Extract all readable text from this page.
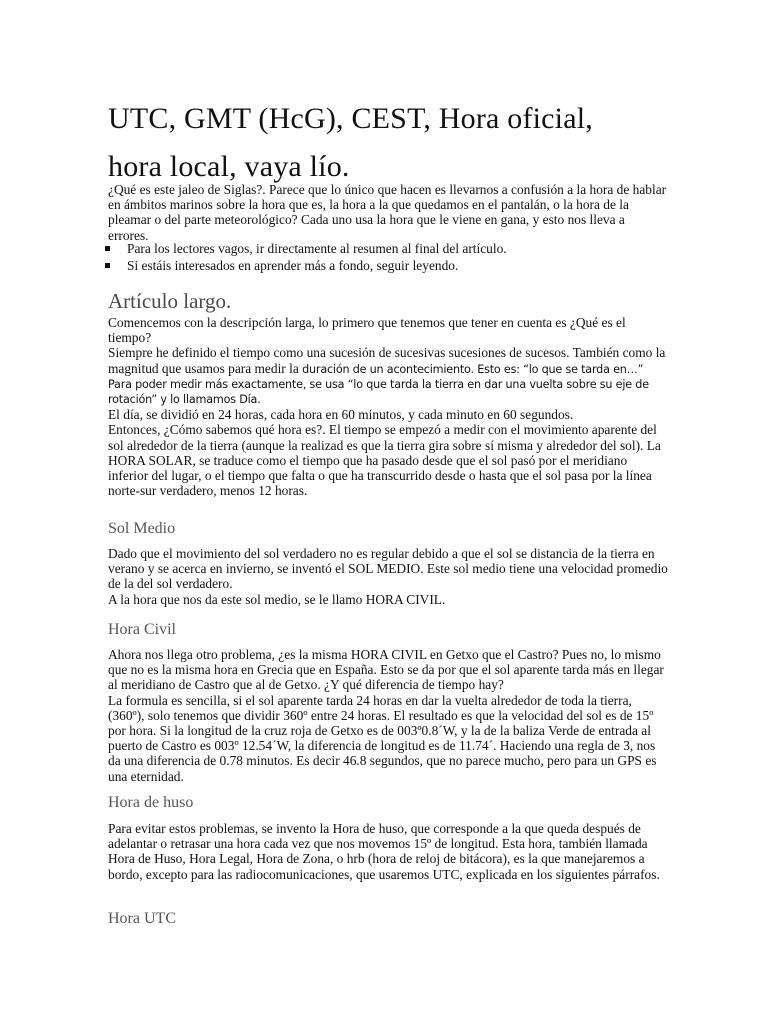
UTC, GMT (HcG), CEST, Hora oficial,
hora local, vaya lío.

¿Qué es este jaleo de Siglas?. Parece que lo único que hacen es llevarnos a confusión a la hora de hablar en ámbitos marinos sobre la hora que es, la hora a la que quedamos en el pantalán, o la hora de la pleamar o del parte meteorológico? Cada uno usa la hora que le viene en gana, y esto nos lleva a errores.

Para los lectores vagos, ir directamente al resumen al final del artículo.
Si estáis interesados en aprender más a fondo, seguir leyendo.
Artículo largo.

Comencemos con la descripción larga, lo primero que tenemos que tener en cuenta es ¿Qué es el tiempo?

Siempre he definido el tiempo como una sucesión de sucesivas sucesiones de sucesos. También como la magnitud que usamos para medir la duración de un acontecimiento. Esto es: “lo que se tarda en…”

Para poder medir más exactamente, se usa “lo que tarda la tierra en dar una vuelta sobre su eje de rotación” y lo llamamos Día.

El día, se dividió en 24 horas, cada hora en 60 minutos, y cada minuto en 60 segundos.

Entonces, ¿Cómo sabemos qué hora es?. El tiempo se empezó a medir con el movimiento aparente del sol alrededor de la tierra (aunque la realizad es que la tierra gira sobre sí misma y alrededor del sol). La HORA SOLAR, se traduce como el tiempo que ha pasado desde que el sol pasó por el meridiano inferior del lugar, o el tiempo que falta o que ha transcurrido desde o hasta que el sol pasa por la línea norte-sur verdadero, menos 12 horas.

Sol Medio

Dado que el movimiento del sol verdadero no es regular debido a que el sol se distancia de la tierra en verano y se acerca en invierno, se inventó el SOL MEDIO. Este sol medio tiene una velocidad promedio de la del sol verdadero.

A la hora que nos da este sol medio, se le llamo HORA CIVIL.

Hora Civil

Ahora nos llega otro problema, ¿es la misma HORA CIVIL en Getxo que el Castro? Pues no, lo mismo que no es la misma hora en Grecia que en España. Esto se da por que el sol aparente tarda más en llegar al meridiano de Castro que al de Getxo. ¿Y qué diferencia de tiempo hay?

La formula es sencilla, si el sol aparente tarda 24 horas en dar la vuelta alrededor de toda la tierra, (360º), solo tenemos que dividir 360º entre 24 horas. El resultado es que la velocidad del sol es de 15º por hora. Si la longitud de la cruz roja de Getxo es de 003º0.8´W, y la de la baliza Verde de entrada al puerto de Castro es 003º 12.54´W, la diferencia de longitud es de 11.74´. Haciendo una regla de 3, nos da una diferencia de 0.78 minutos. Es decir 46.8 segundos, que no parece mucho, pero para un GPS es una eternidad.

Hora de huso

Para evitar estos problemas, se invento la Hora de huso, que corresponde a la que queda después de adelantar o retrasar una hora cada vez que nos movemos 15º de longitud. Esta hora, también llamada Hora de Huso, Hora Legal, Hora de Zona, o hrb (hora de reloj de bitácora), es la que manejaremos a bordo, excepto para las radiocomunicaciones, que usaremos UTC, explicada en los siguientes párrafos.

Hora UTC
